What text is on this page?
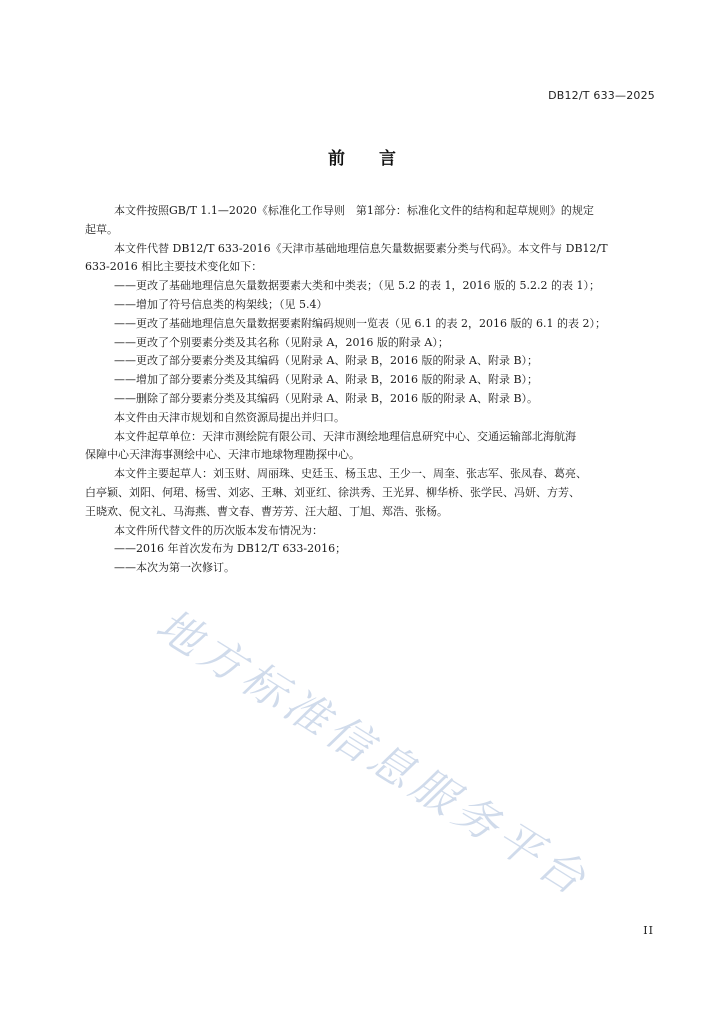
DB12/T 633—2025
前言

本文件按照GB/T 1.1—2020《标准化工作导则　第1部分：标准化文件的结构和起草规则》的规定

起草。

本文件代替 DB12/T 633-2016《天津市基础地理信息矢量数据要素分类与代码》。本文件与 DB12/T

633-2016 相比主要技术变化如下：

——更改了基础地理信息矢量数据要素大类和中类表；（见 5.2 的表 1，2016 版的 5.2.2 的表 1）；

——增加了符号信息类的构架线；（见 5.4）

——更改了基础地理信息矢量数据要素附编码规则一览表（见 6.1 的表 2，2016 版的 6.1 的表 2）；

——更改了个别要素分类及其名称（见附录 A，2016 版的附录 A）；

——更改了部分要素分类及其编码（见附录 A、附录 B，2016 版的附录 A、附录 B）；

——增加了部分要素分类及其编码（见附录 A、附录 B，2016 版的附录 A、附录 B）；

——删除了部分要素分类及其编码（见附录 A、附录 B，2016 版的附录 A、附录 B）。

本文件由天津市规划和自然资源局提出并归口。

本文件起草单位：天津市测绘院有限公司、天津市测绘地理信息研究中心、交通运输部北海航海

保障中心天津海事测绘中心、天津市地球物理勘探中心。

本文件主要起草人：刘玉财、周丽珠、史廷玉、杨玉忠、王少一、周奎、张志军、张凤春、葛亮、

白亭颖、刘阳、何珺、杨雪、刘宓、王琳、刘亚红、徐洪秀、王光昇、柳华桥、张学民、冯妍、方芳、

王晓欢、倪文礼、马海燕、曹文春、曹芳芳、汪大超、丁旭、郑浩、张杨。

本文件所代替文件的历次版本发布情况为：

——2016 年首次发布为 DB12/T 633-2016；

——本次为第一次修订。

地方标准信息服务平台
II
